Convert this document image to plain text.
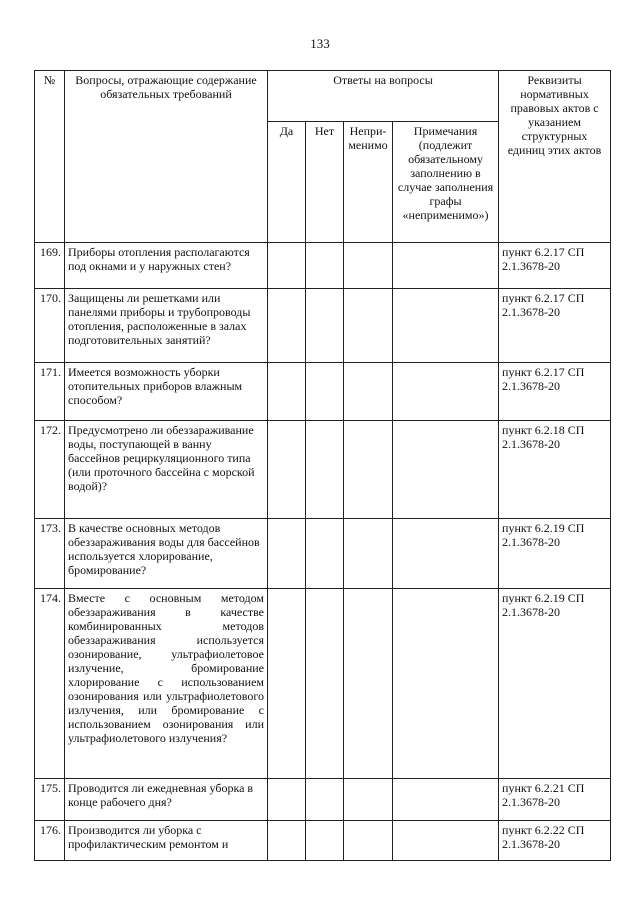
133
№	Вопросы, отражающие содержание обязательных требований	Ответы на вопросы				Реквизиты нормативных правовых актов с указанием структурных единиц этих актов
		Да	Нет	Непри- менимо	Примечания (подлежит обязательному заполнению в случае заполнения графы «неприменимо»)	
169.	Приборы отопления располагаются под окнами и у наружных стен?					пункт 6.2.17 СП 2.1.3678-20
170.	Защищены ли решетками или панелями приборы и трубопроводы отопления, расположенные в залах подготовительных занятий?					пункт 6.2.17 СП 2.1.3678-20
171.	Имеется возможность уборки отопительных приборов влажным способом?					пункт 6.2.17 СП 2.1.3678-20
172.	Предусмотрено ли обеззараживание воды, поступающей в ванну бассейнов рециркуляционного типа (или проточного бассейна с морской водой)?					пункт 6.2.18 СП 2.1.3678-20
173.	В качестве основных методов обеззараживания воды для бассейнов используется хлорирование, бромирование?					пункт 6.2.19 СП 2.1.3678-20
174.	Вместе с основным методом обеззараживания в качестве комбинированных методов обеззараживания используется озонирование, ультрафиолетовое излучение, бромирование хлорирование с использованием озонирования или ультрафиолетового излучения, или бромирование с использованием озонирования или ультрафиолетового излучения?					пункт 6.2.19 СП 2.1.3678-20
175.	Проводится ли ежедневная уборка в конце рабочего дня?					пункт 6.2.21 СП 2.1.3678-20
176.	Производится ли уборка с профилактическим ремонтом и					пункт 6.2.22 СП 2.1.3678-20
